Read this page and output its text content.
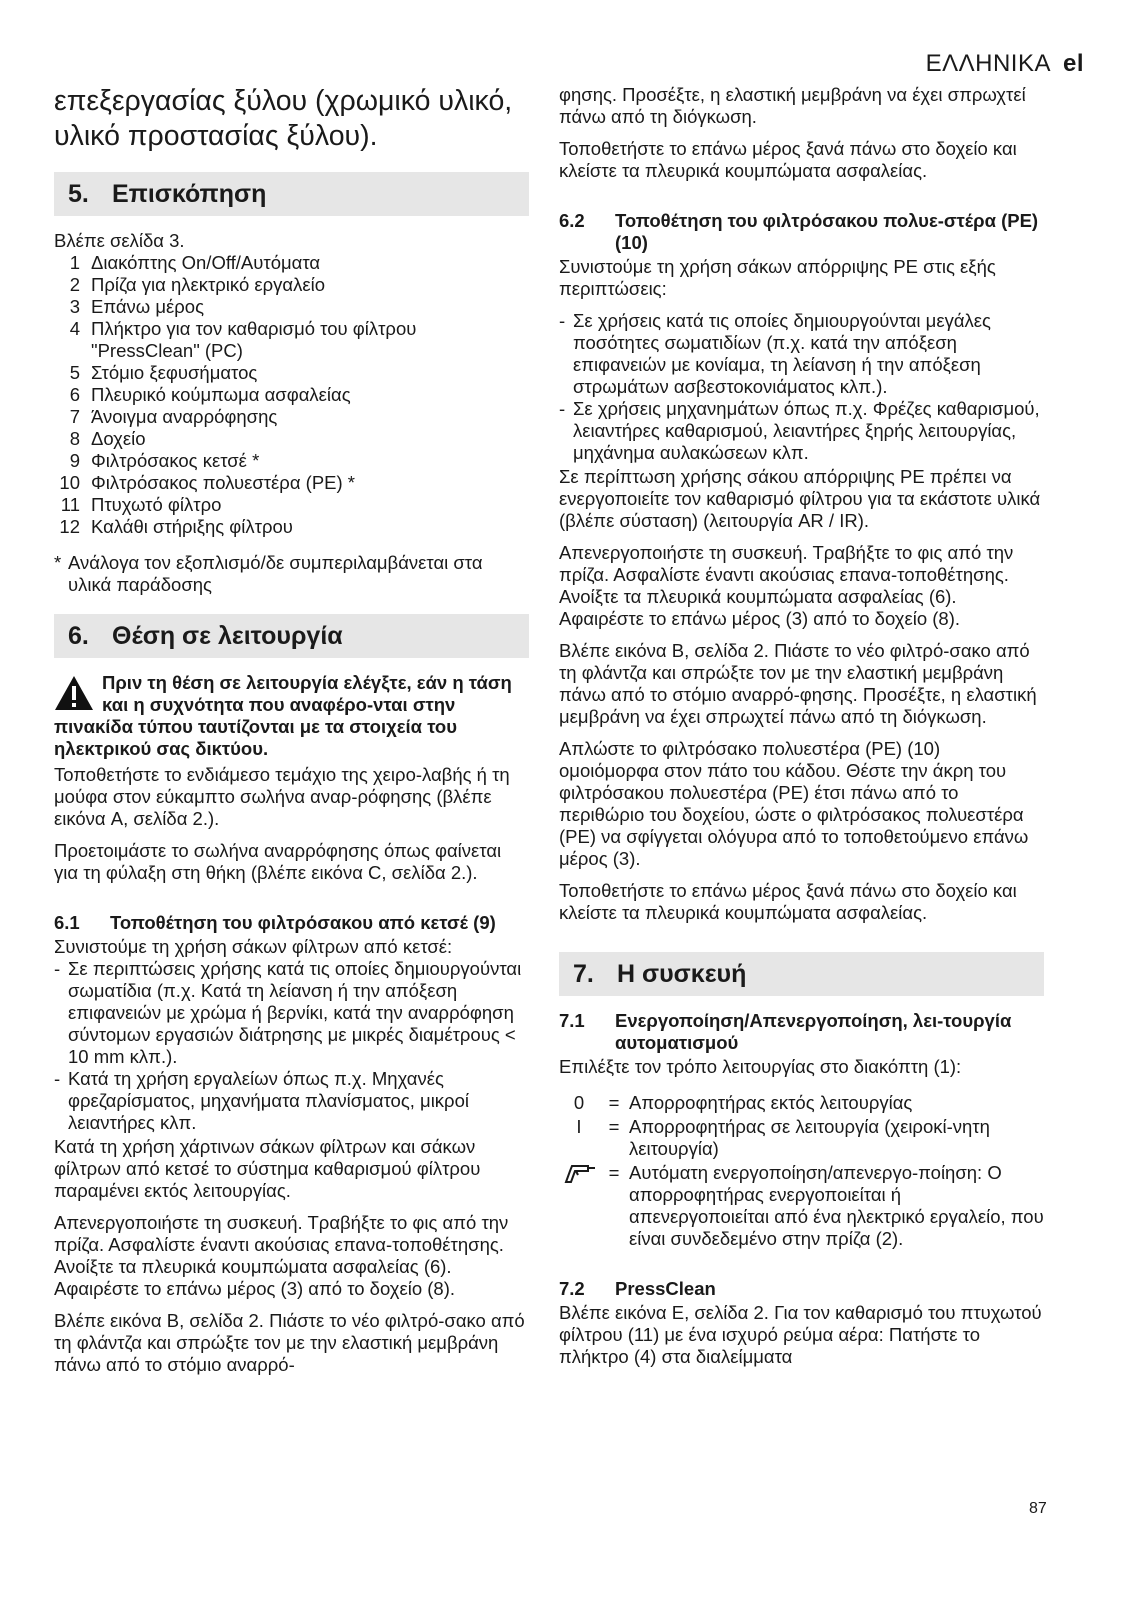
ΕΛΛΗΝΙΚΑ el
επεξεργασίας ξύλου (χρωμικό υλικό, υλικό προστασίας ξύλου).
5. Επισκόπηση
Βλέπε σελίδα 3.
1 Διακόπτης On/Off/Αυτόματα
2 Πρίζα για ηλεκτρικό εργαλείο
3 Επάνω μέρος
4 Πλήκτρο για τον καθαρισμό του φίλτρου "PressClean" (PC)
5 Στόμιο ξεφυσήματος
6 Πλευρικό κούμπωμα ασφαλείας
7 Άνοιγμα αναρρόφησης
8 Δοχείο
9 Φιλτρόσακος κετσέ *
10 Φιλτρόσακος πολυεστέρα (PE) *
11 Πτυχωτό φίλτρο
12 Καλάθι στήριξης φίλτρου
* Ανάλογα τον εξοπλισμό/δε συμπεριλαμβάνεται στα υλικά παράδοσης
6. Θέση σε λειτουργία
Πριν τη θέση σε λειτουργία ελέγξτε, εάν η τάση και η συχνότητα που αναφέρο-νται στην πινακίδα τύπου ταυτίζονται με τα στοιχεία του ηλεκτρικού σας δικτύου.

Τοποθετήστε το ενδιάμεσο τεμάχιο της χειρο-λαβής ή τη μούφα στον εύκαμπτο σωλήνα αναρ-ρόφησης (βλέπε εικόνα A, σελίδα 2.).

Προετοιμάστε το σωλήνα αναρρόφησης όπως φαίνεται για τη φύλαξη στη θήκη (βλέπε εικόνα C, σελίδα 2.).

6.1	Τοποθέτηση του φιλτρόσακου από κετσέ (9)
Συνιστούμε τη χρήση σάκων φίλτρων από κετσέ:
- Σε περιπτώσεις χρήσης κατά τις οποίες δημιουργούνται σωματίδια (π.χ. Κατά τη λείανση ή την απόξεση επιφανειών με χρώμα ή βερνίκι, κατά την αναρρόφηση σύντομων εργασιών διάτρησης με μικρές διαμέτρους < 10 mm κλπ.).
- Κατά τη χρήση εργαλείων όπως π.χ. Μηχανές φρεζαρίσματος, μηχανήματα πλανίσματος, μικροί λειαντήρες κλπ.

Κατά τη χρήση χάρτινων σάκων φίλτρων και σάκων φίλτρων από κετσέ το σύστημα καθαρισμού φίλτρου παραμένει εκτός λειτουργίας.

Απενεργοποιήστε τη συσκευή. Τραβήξτε το φις από την πρίζα. Ασφαλίστε έναντι ακούσιας επανα-τοποθέτησης. Ανοίξτε τα πλευρικά κουμπώματα ασφαλείας (6). Αφαιρέστε το επάνω μέρος (3) από το δοχείο (8).

Βλέπε εικόνα B, σελίδα 2. Πιάστε το νέο φιλτρό-σακο από τη φλάντζα και σπρώξτε τον με την ελαστική μεμβράνη πάνω από το στόμιο αναρρό-

φησης. Προσέξτε, η ελαστική μεμβράνη να έχει σπρωχτεί πάνω από τη διόγκωση.

Τοποθετήστε το επάνω μέρος ξανά πάνω στο δοχείο και κλείστε τα πλευρικά κουμπώματα ασφαλείας.

6.2	Τοποθέτηση του φιλτρόσακου πολυε-στέρα (PE) (10)

Συνιστούμε τη χρήση σάκων απόρριψης PE στις εξής περιπτώσεις:

- Σε χρήσεις κατά τις οποίες δημιουργούνται μεγάλες ποσότητες σωματιδίων (π.χ. κατά την απόξεση επιφανειών με κονίαμα, τη λείανση ή την απόξεση στρωμάτων ασβεστοκονιάματος κλπ.).
- Σε χρήσεις μηχανημάτων όπως π.χ. Φρέζες καθαρισμού, λειαντήρες καθαρισμού, λειαντήρες ξηρής λειτουργίας, μηχάνημα αυλακώσεων κλπ.

Σε περίπτωση χρήσης σάκου απόρριψης PE πρέπει να ενεργοποιείτε τον καθαρισμό φίλτρου για τα εκάστοτε υλικά (βλέπε σύσταση) (λειτουργία AR / IR).

Απενεργοποιήστε τη συσκευή. Τραβήξτε το φις από την πρίζα. Ασφαλίστε έναντι ακούσιας επανα-τοποθέτησης. Ανοίξτε τα πλευρικά κουμπώματα ασφαλείας (6). Αφαιρέστε το επάνω μέρος (3) από το δοχείο (8).

Βλέπε εικόνα B, σελίδα 2. Πιάστε το νέο φιλτρό-σακο από τη φλάντζα και σπρώξτε τον με την ελαστική μεμβράνη πάνω από το στόμιο αναρρό-φησης. Προσέξτε, η ελαστική μεμβράνη να έχει σπρωχτεί πάνω από τη διόγκωση.

Απλώστε το φιλτρόσακο πολυεστέρα (PE) (10) ομοιόμορφα στον πάτο του κάδου. Θέστε την άκρη του φιλτρόσακου πολυεστέρα (PE) έτσι πάνω από το περιθώριο του δοχείου, ώστε ο φιλτρόσακος πολυεστέρα (PE) να σφίγγεται ολόγυρα από το τοποθετούμενο επάνω μέρος (3).

Τοποθετήστε το επάνω μέρος ξανά πάνω στο δοχείο και κλείστε τα πλευρικά κουμπώματα ασφαλείας.

7. Η συσκευή
7.1	Ενεργοποίηση/Απενεργοποίηση, λει-τουργία αυτοματισμού
Επιλέξτε τον τρόπο λειτουργίας στο διακόπτη (1):
0	= Απορροφητήρας εκτός λειτουργίας
I	= Απορροφητήρας σε λειτουργία (χειροκί-νητη λειτουργία)
= Αυτόματη ενεργοποίηση/απενεργο-ποίηση: Ο απορροφητήρας ενεργοποιείται ή απενεργοποιείται από ένα ηλεκτρικό εργαλείο, που είναι συνδεδεμένο στην πρίζα (2).
7.2	PressClean

Βλέπε εικόνα E, σελίδα 2. Για τον καθαρισμό του πτυχωτού φίλτρου (11) με ένα ισχυρό ρεύμα αέρα: Πατήστε το πλήκτρο (4) στα διαλείμματα

87
